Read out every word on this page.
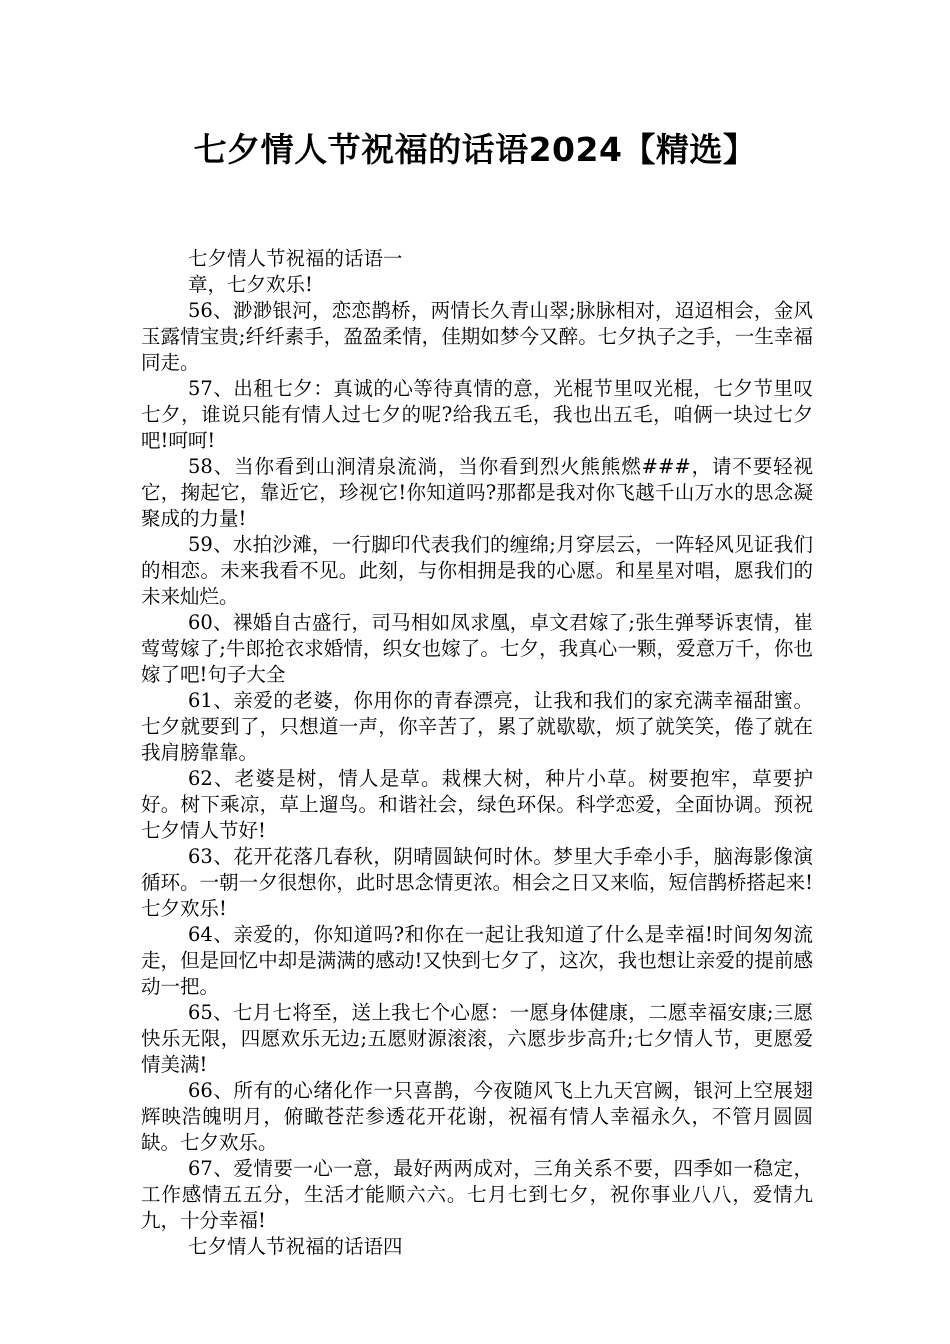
七夕情人节祝福的话语2024【精选】

七夕情人节祝福的话语一

章，七夕欢乐!

56、渺渺银河，恋恋鹊桥，两情长久青山翠;脉脉相对，迢迢相会，金风玉露情宝贵;纤纤素手，盈盈柔情，佳期如梦今又醉。七夕执子之手，一生幸福同走。

57、出租七夕：真诚的心等待真情的意，光棍节里叹光棍，七夕节里叹七夕，谁说只能有情人过七夕的呢?给我五毛，我也出五毛，咱俩一块过七夕吧!呵呵!

58、当你看到山涧清泉流淌，当你看到烈火熊熊燃###，请不要轻视它，掬起它，靠近它，珍视它!你知道吗?那都是我对你飞越千山万水的思念凝聚成的力量!

59、水拍沙滩，一行脚印代表我们的缠绵;月穿层云，一阵轻风见证我们的相恋。未来我看不见。此刻，与你相拥是我的心愿。和星星对唱，愿我们的未来灿烂。

60、裸婚自古盛行，司马相如凤求凰，卓文君嫁了;张生弹琴诉衷情，崔莺莺嫁了;牛郎抢衣求婚情，织女也嫁了。七夕，我真心一颗，爱意万千，你也嫁了吧!句子大全

61、亲爱的老婆，你用你的青春漂亮，让我和我们的家充满幸福甜蜜。七夕就要到了，只想道一声，你辛苦了，累了就歇歇，烦了就笑笑，倦了就在我肩膀靠靠。

62、老婆是树，情人是草。栽棵大树，种片小草。树要抱牢，草要护好。树下乘凉，草上遛鸟。和谐社会，绿色环保。科学恋爱，全面协调。预祝七夕情人节好!

63、花开花落几春秋，阴晴圆缺何时休。梦里大手牵小手，脑海影像演循环。一朝一夕很想你，此时思念情更浓。相会之日又来临，短信鹊桥搭起来!七夕欢乐!

64、亲爱的，你知道吗?和你在一起让我知道了什么是幸福!时间匆匆流走，但是回忆中却是满满的感动!又快到七夕了，这次，我也想让亲爱的提前感动一把。

65、七月七将至，送上我七个心愿：一愿身体健康，二愿幸福安康;三愿快乐无限，四愿欢乐无边;五愿财源滚滚，六愿步步高升;七夕情人节，更愿爱情美满!

66、所有的心绪化作一只喜鹊，今夜随风飞上九天宫阙，银河上空展翅辉映浩魄明月，俯瞰苍茫参透花开花谢，祝福有情人幸福永久，不管月圆圆缺。七夕欢乐。

67、爱情要一心一意，最好两两成对，三角关系不要，四季如一稳定，工作感情五五分，生活才能顺六六。七月七到七夕，祝你事业八八，爱情九九，十分幸福!

七夕情人节祝福的话语四
